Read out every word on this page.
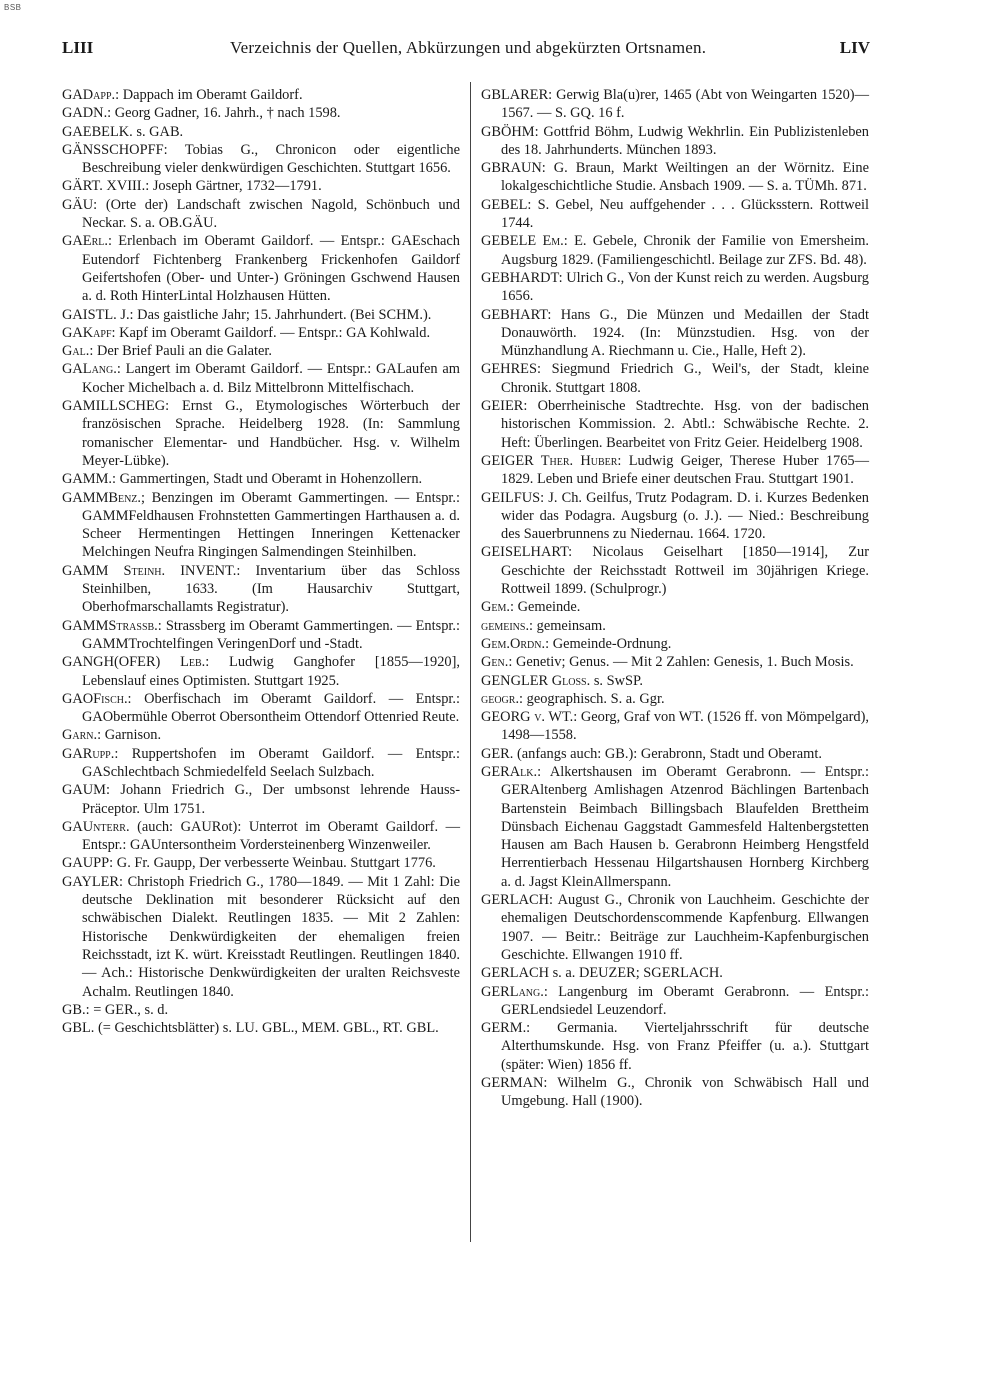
BSB
LIII	Verzeichnis der Quellen, Abkürzungen und abgekürzten Ortsnamen.	LIV

GADapp.: Dappach im Oberamt Gaildorf.

GADN.: Georg Gadner, 16. Jahrh., † nach 1598.

GAEBELK. s. GAB.

GÄNSSCHOPFF: Tobias G., Chronicon oder eigentliche Beschreibung vieler denkwürdigen Geschichten. Stuttgart 1656.

GÄRT. XVIII.: Joseph Gärtner, 1732—1791.

GÄU: (Orte der) Landschaft zwischen Nagold, Schönbuch und Neckar. S. a. OB.GÄU.

GAErl.: Erlenbach im Oberamt Gaildorf. — Entspr.: GAEschach Eutendorf Fichtenberg Frankenberg Frickenhofen Gaildorf Geifertshofen (Ober- und Unter-) Gröningen Gschwend Hausen a. d. Roth HinterLintal Holzhausen Hütten.

GAISTL. J.: Das gaistliche Jahr; 15. Jahrhundert. (Bei SCHM.).

GAKapf: Kapf im Oberamt Gaildorf. — Entspr.: GA Kohlwald.

Gal.: Der Brief Pauli an die Galater.

GALang.: Langert im Oberamt Gaildorf. — Entspr.: GALaufen am Kocher Michelbach a. d. Bilz Mittelbronn Mittelfischach.

GAMILLSCHEG: Ernst G., Etymologisches Wörterbuch der französischen Sprache. Heidelberg 1928. (In: Sammlung romanischer Elementar- und Handbücher. Hsg. v. Wilhelm Meyer-Lübke).

GAMM.: Gammertingen, Stadt und Oberamt in Hohenzollern.

GAMMBenz.; Benzingen im Oberamt Gammertingen. — Entspr.: GAMMFeldhausen Frohnstetten Gammertingen Harthausen a. d. Scheer Hermentingen Hettingen Inneringen Kettenacker Melchingen Neufra Ringingen Salmendingen Steinhilben.

GAMM Steinh. INVENT.: Inventarium über das Schloss Steinhilben, 1633. (Im Hausarchiv Stuttgart, Oberhofmarschallamts Registratur).

GAMMStrassb.: Strassberg im Oberamt Gammertingen. — Entspr.: GAMMTrochtelfingen VeringenDorf und -Stadt.

GANGH(OFER) Leb.: Ludwig Ganghofer [1855—1920], Lebenslauf eines Optimisten. Stuttgart 1925.

GAOFisch.: Oberfischach im Oberamt Gaildorf. — Entspr.: GAObermühle Oberrot Obersontheim Ottendorf Ottenried Reute.

Garn.: Garnison.

GARupp.: Ruppertshofen im Oberamt Gaildorf. — Entspr.: GASchlechtbach Schmiedelfeld Seelach Sulzbach.

GAUM: Johann Friedrich G., Der umbsonst lehrende Hauss-Präceptor. Ulm 1751.

GAUnterr. (auch: GAURot): Unterrot im Oberamt Gaildorf. — Entspr.: GAUntersontheim Vordersteinenberg Winzenweiler.

GAUPP: G. Fr. Gaupp, Der verbesserte Weinbau. Stuttgart 1776.

GAYLER: Christoph Friedrich G., 1780—1849. — Mit 1 Zahl: Die deutsche Deklination mit besonderer Rücksicht auf den schwäbischen Dialekt. Reutlingen 1835. — Mit 2 Zahlen: Historische Denkwürdigkeiten der ehemaligen freien Reichsstadt, izt K. würt. Kreisstadt Reutlingen. Reutlingen 1840. — Ach.: Historische Denkwürdigkeiten der uralten Reichsveste Achalm. Reutlingen 1840.

GB.: = GER., s. d.

GBL. (= Geschichtsblätter) s. LU. GBL., MEM. GBL., RT. GBL.

GBLARER: Gerwig Bla(u)rer, 1465 (Abt von Weingarten 1520)—1567. — S. GQ. 16 f.

GBÖHM: Gottfrid Böhm, Ludwig Wekhrlin. Ein Publizistenleben des 18. Jahrhunderts. München 1893.

GBRAUN: G. Braun, Markt Weiltingen an der Wörnitz. Eine lokalgeschichtliche Studie. Ansbach 1909. — S. a. TÜMh. 871.

GEBEL: S. Gebel, Neu auffgehender . . . Glücksstern. Rottweil 1744.

GEBELE Em.: E. Gebele, Chronik der Familie von Emersheim. Augsburg 1829. (Familiengeschichtl. Beilage zur ZFS. Bd. 48).

GEBHARDT: Ulrich G., Von der Kunst reich zu werden. Augsburg 1656.

GEBHART: Hans G., Die Münzen und Medaillen der Stadt Donauwörth. 1924. (In: Münzstudien. Hsg. von der Münzhandlung A. Riechmann u. Cie., Halle, Heft 2).

GEHRES: Siegmund Friedrich G., Weil's, der Stadt, kleine Chronik. Stuttgart 1808.

GEIER: Oberrheinische Stadtrechte. Hsg. von der badischen historischen Kommission. 2. Abtl.: Schwäbische Rechte. 2. Heft: Überlingen. Bearbeitet von Fritz Geier. Heidelberg 1908.

GEIGER Ther. Huber: Ludwig Geiger, Therese Huber 1765—1829. Leben und Briefe einer deutschen Frau. Stuttgart 1901.

GEILFUS: J. Ch. Geilfus, Trutz Podagram. D. i. Kurzes Bedenken wider das Podagra. Augsburg (o. J.). — Nied.: Beschreibung des Sauerbrunnens zu Niedernau. 1664. 1720.

GEISELHART: Nicolaus Geiselhart [1850—1914], Zur Geschichte der Reichsstadt Rottweil im 30jährigen Kriege. Rottweil 1899. (Schulprogr.)

Gem.: Gemeinde.

gemeins.: gemeinsam.

Gem.Ordn.: Gemeinde-Ordnung.

Gen.: Genetiv; Genus. — Mit 2 Zahlen: Genesis, 1. Buch Mosis.

GENGLER Gloss. s. SwSP.

geogr.: geographisch. S. a. Ggr.

GEORG v. WT.: Georg, Graf von WT. (1526 ff. von Mömpelgard), 1498—1558.

GER. (anfangs auch: GB.): Gerabronn, Stadt und Oberamt.

GERAlk.: Alkertshausen im Oberamt Gerabronn. — Entspr.: GERAltenberg Amlishagen Atzenrod Bächlingen Bartenbach Bartenstein Beimbach Billingsbach Blaufelden Brettheim Dünsbach Eichenau Gaggstadt Gammesfeld Haltenbergstetten Hausen am Bach Hausen b. Gerabronn Heimberg Hengstfeld Herrentierbach Hessenau Hilgartshausen Hornberg Kirchberg a. d. Jagst KleinAllmerspann.

GERLACH: August G., Chronik von Lauchheim. Geschichte der ehemaligen Deutschordenscommende Kapfenburg. Ellwangen 1907. — Beitr.: Beiträge zur Lauchheim-Kapfenburgischen Geschichte. Ellwangen 1910 ff.

GERLACH s. a. DEUZER; SGERLACH.

GERLang.: Langenburg im Oberamt Gerabronn. — Entspr.: GERLendsiedel Leuzendorf.

GERM.: Germania. Vierteljahrsschrift für deutsche Alterthumskunde. Hsg. von Franz Pfeiffer (u. a.). Stuttgart (später: Wien) 1856 ff.

GERMAN: Wilhelm G., Chronik von Schwäbisch Hall und Umgebung. Hall (1900).
